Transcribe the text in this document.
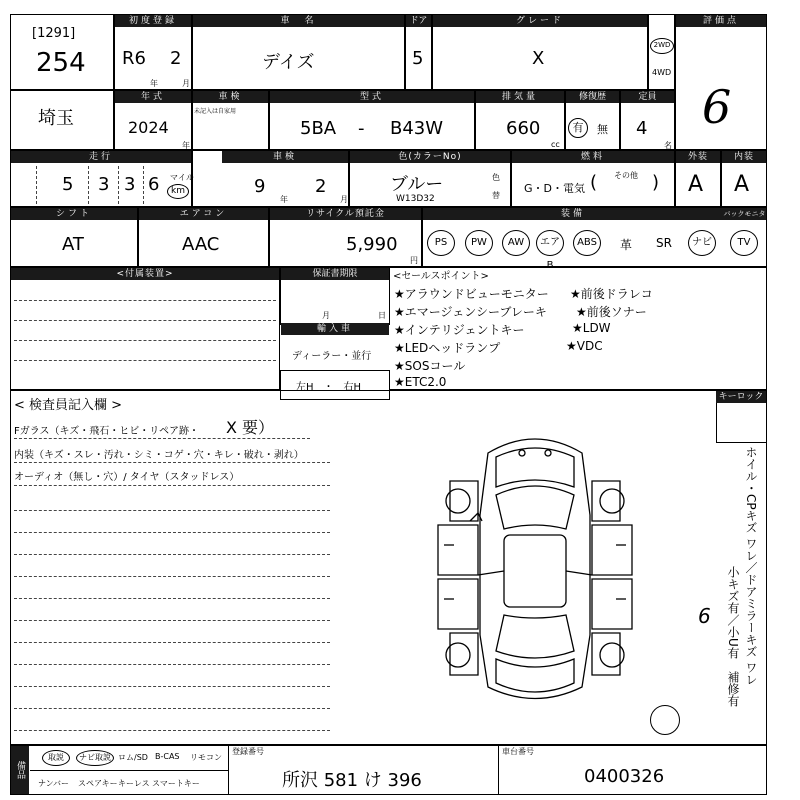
[1291]
254
初度登録
R6 2
年	月
車　名
デイズ
ドア
5
グレード
X
2WD
4WD
評価点
6
埼玉
年式
2024
年
車検
未記入は自家用
型式
5BA - B43W
排気量
660
cc
修復歴
有	無
定員
4
名
走行
5 3 3 6 マイル
km
車検
9
年
2
月
色(カラーNo)
ブルー
W13D32
色
替
燃料
G・D・電気 ( その他 )
外装
A
内装
A
シフト
AT
エアコン
AAC
リサイクル預託金
5,990
円
装備	バックモニタ
PS	PW	AW	エアB
ABS	革 SR	ナビ	TV
<付属装置>	保証書期限
月	日
輸入車
ディーラー・並行
左H　・　右H
<セールスポイント>
★アラウンドビューモニター
★エマージェンシーブレーキ
★インテリジェントキー
★LEDヘッドランプ
★SOSコール
★ETC2.0
★前後ドラレコ
★前後ソナー
★LDW
★VDC
< 検査員記入欄 >
Fガラス（キズ・飛石・ヒビ・リペア跡・ X 要）
内装（キズ・スレ・汚れ・シミ・コゲ・穴・キレ・破れ・剥れ）
オーディオ（無し・穴）/ タイヤ（スタッドレス）
キーロック
ホイル・CPキズ ワレ／ドアミラーキズ ワレ
小キズ有／小U有　補修有
6
備品
取説	ナビ取説 ロム/SD B-CAS リモコン
ナンバー スペアキー キーレス スマートキー
登録番号
所沢 581 け 396
車台番号
0400326
